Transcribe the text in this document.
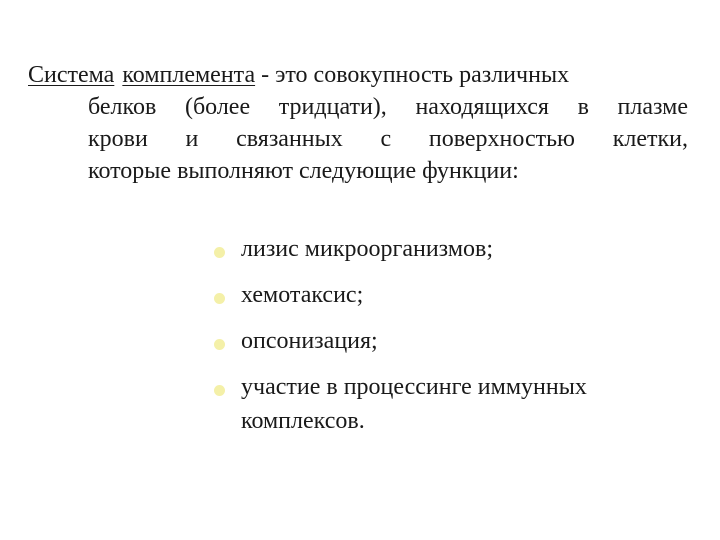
Система комплемента - это совокупность различных
белков (более тридцати), находящихся в плазме
крови и связанных с поверхностью клетки,
которые выполняют следующие функции:
лизис микроорганизмов;
хемотаксис;
опсонизация;
участие в процессинге иммунных
комплексов.
